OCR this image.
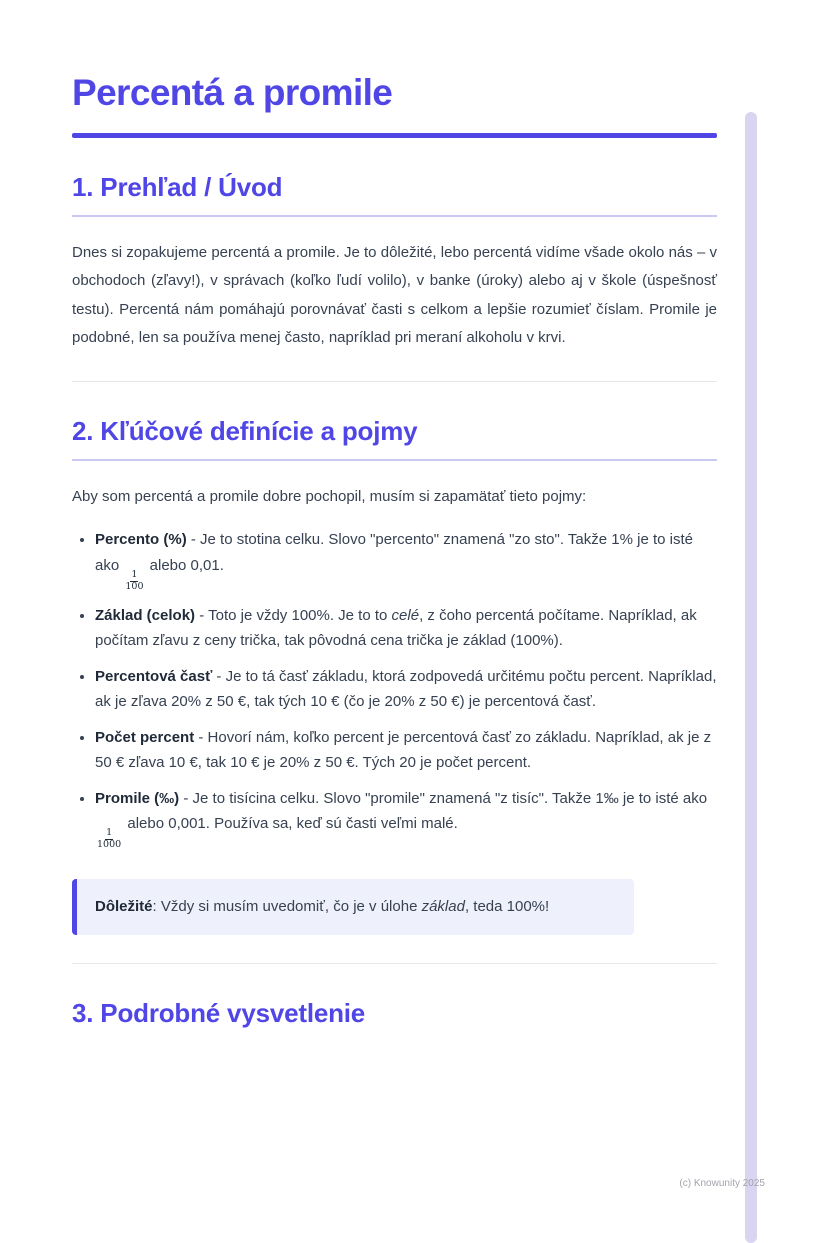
Percentá a promile
1. Prehľad / Úvod

Dnes si zopakujeme percentá a promile. Je to dôležité, lebo percentá vidíme všade okolo nás – v obchodoch (zľavy!), v správach (koľko ľudí volilo), v banke (úroky) alebo aj v škole (úspešnosť testu). Percentá nám pomáhajú porovnávať časti s celkom a lepšie rozumieť číslam. Promile je podobné, len sa používa menej často, napríklad pri meraní alkoholu v krvi.

2. Kľúčové definície a pojmy

Aby som percentá a promile dobre pochopil, musím si zapamätať tieto pojmy:

• Percento (%) - Je to stotina celku. Slovo "percento" znamená "zo sto". Takže 1% je to isté ako
$\frac{1}{100}$
alebo 0,01.
• Základ (celok) - Toto je vždy 100%. Je to to celé, z čoho percentá počítame. Napríklad, ak počítam zľavu z ceny trička, tak pôvodná cena trička je základ (100%).
• Percentová časť - Je to tá časť základu, ktorá zodpovedá určitému počtu percent. Napríklad, ak je zľava 20% z 50 €, tak tých 10 € (čo je 20% z 50 €) je percentová časť.
• Počet percent - Hovorí nám, koľko percent je percentová časť zo základu. Napríklad, ak je z 50 € zľava 10 €, tak 10 € je 20% z 50 €. Tých 20 je počet percent.
• Promile (‰) - Je to tisícina celku. Slovo "promile" znamená "z tisíc". Takže 1‰ je to isté ako
$\frac{1}{1000}$
alebo 0,001. Používa sa, keď sú časti veľmi malé.

Dôležité: Vždy si musím uvedomiť, čo je v úlohe základ, teda 100%!

3. Podrobné vysvetlenie
(c) Knowunity 2025
